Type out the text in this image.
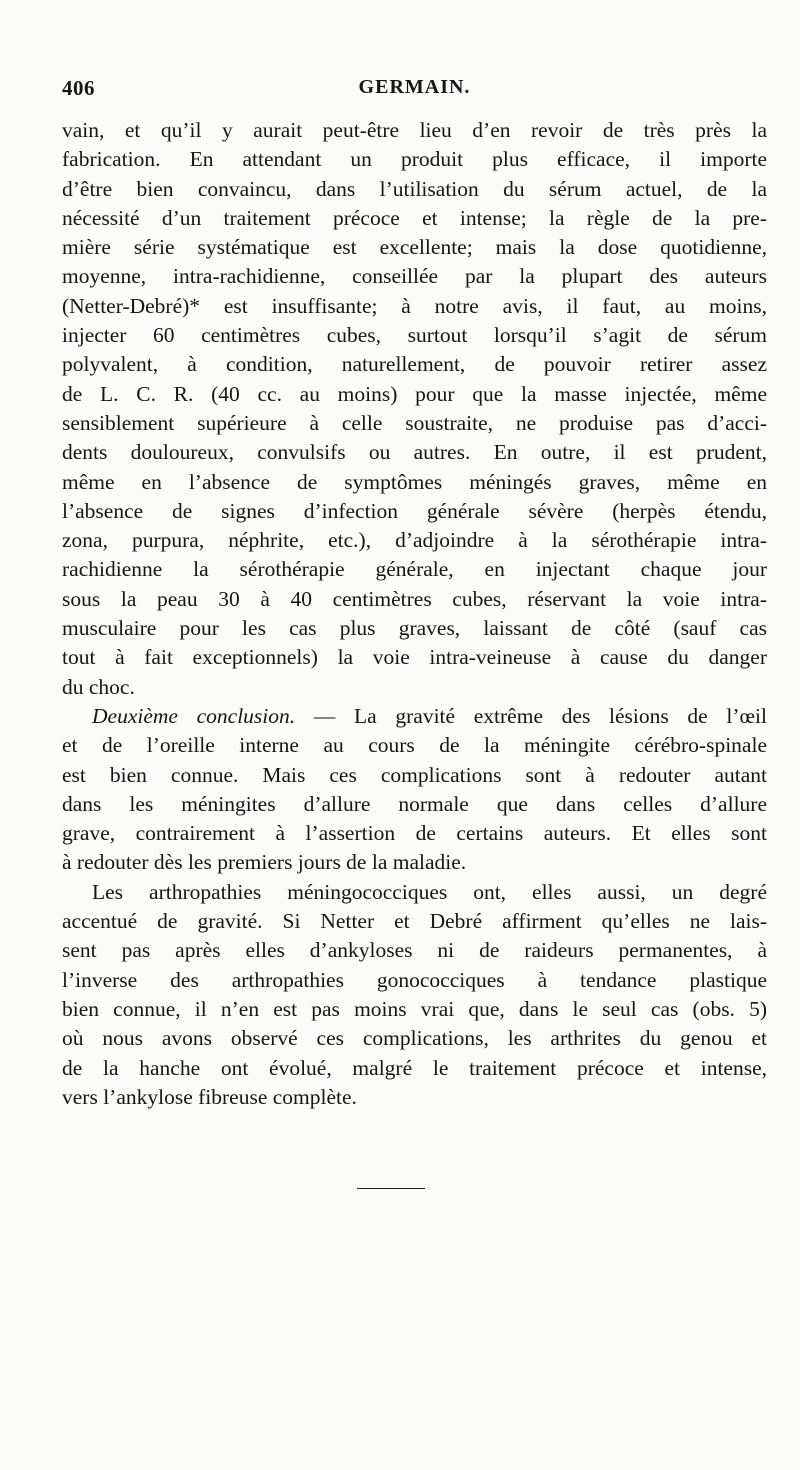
406	GERMAIN.
vain, et qu’il y aurait peut-être lieu d’en revoir de très près la
fabrication. En attendant un produit plus efficace, il importe
d’être bien convaincu, dans l’utilisation du sérum actuel, de la
nécessité d’un traitement précoce et intense; la règle de la pre-
mière série systématique est excellente; mais la dose quotidienne,
moyenne, intra-rachidienne, conseillée par la plupart des auteurs
(Netter-Debré)* est insuffisante; à notre avis, il faut, au moins,
injecter 60 centimètres cubes, surtout lorsqu’il s’agit de sérum
polyvalent, à condition, naturellement, de pouvoir retirer assez
de L. C. R. (40 cc. au moins) pour que la masse injectée, même
sensiblement supérieure à celle soustraite, ne produise pas d’acci-
dents douloureux, convulsifs ou autres. En outre, il est prudent,
même en l’absence de symptômes méningés graves, même en
l’absence de signes d’infection générale sévère (herpès étendu,
zona, purpura, néphrite, etc.), d’adjoindre à la sérothérapie intra-
rachidienne la sérothérapie générale, en injectant chaque jour
sous la peau 30 à 40 centimètres cubes, réservant la voie intra-
musculaire pour les cas plus graves, laissant de côté (sauf cas
tout à fait exceptionnels) la voie intra-veineuse à cause du danger
du choc.
Deuxième conclusion. — La gravité extrême des lésions de l’œil
et de l’oreille interne au cours de la méningite cérébro-spinale
est bien connue. Mais ces complications sont à redouter autant
dans les méningites d’allure normale que dans celles d’allure
grave, contrairement à l’assertion de certains auteurs. Et elles sont
à redouter dès les premiers jours de la maladie.
Les arthropathies méningococciques ont, elles aussi, un degré
accentué de gravité. Si Netter et Debré affirment qu’elles ne lais-
sent pas après elles d’ankyloses ni de raideurs permanentes, à
l’inverse des arthropathies gonococciques à tendance plastique
bien connue, il n’en est pas moins vrai que, dans le seul cas (obs. 5)
où nous avons observé ces complications, les arthrites du genou et
de la hanche ont évolué, malgré le traitement précoce et intense,
vers l’ankylose fibreuse complète.
